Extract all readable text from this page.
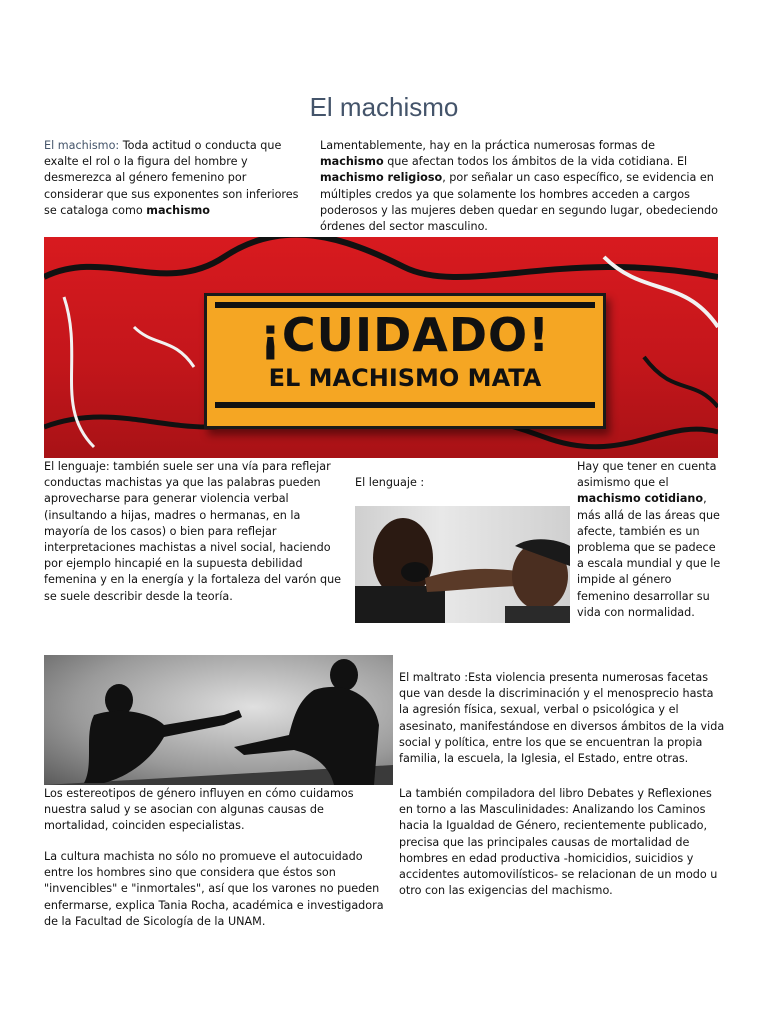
El machismo

El machismo: Toda actitud o conducta que exalte el rol o la figura del hombre y desmerezca al género femenino por considerar que sus exponentes son inferiores se cataloga como machismo

Lamentablemente, hay en la práctica numerosas formas de machismo que afectan todos los ámbitos de la vida cotidiana. El machismo religioso, por señalar un caso específico, se evidencia en múltiples credos ya que solamente los hombres acceden a cargos poderosos y las mujeres deben quedar en segundo lugar, obedeciendo órdenes del sector masculino.

¡CUIDADO!
EL MACHISMO MATA

El lenguaje: también suele ser una vía para reflejar conductas machistas ya que las palabras pueden aprovecharse para generar violencia verbal (insultando a hijas, madres o hermanas, en la mayoría de los casos) o bien para reflejar interpretaciones machistas a nivel social, haciendo por ejemplo hincapié en la supuesta debilidad femenina y en la energía y la fortaleza del varón que se suele describir desde la teoría.

El lenguaje :

Hay que tener en cuenta asimismo que el machismo cotidiano, más allá de las áreas que afecte, también es un problema que se padece a escala mundial y que le impide al género femenino desarrollar su vida con normalidad.

El maltrato :Esta violencia presenta numerosas facetas que van desde la discriminación y el menosprecio hasta la agresión física, sexual, verbal o psicológica y el asesinato, manifestándose en diversos ámbitos de la vida social y política, entre los que se encuentran la propia familia, la escuela, la Iglesia, el Estado, entre otras.

Los estereotipos de género influyen en cómo cuidamos nuestra salud y se asocian con algunas causas de mortalidad, coinciden especialistas.

La también compiladora del libro Debates y Reflexiones en torno a las Masculinidades: Analizando los Caminos hacia la Igualdad de Género, recientemente publicado, precisa que las principales causas de mortalidad de hombres en edad productiva -homicidios, suicidios y accidentes automovilísticos- se relacionan de un modo u otro con las exigencias del machismo.

La cultura machista no sólo no promueve el autocuidado entre los hombres sino que considera que éstos son "invencibles" e "inmortales", así que los varones no pueden enfermarse, explica Tania Rocha, académica e investigadora de la Facultad de Sicología de la UNAM.
